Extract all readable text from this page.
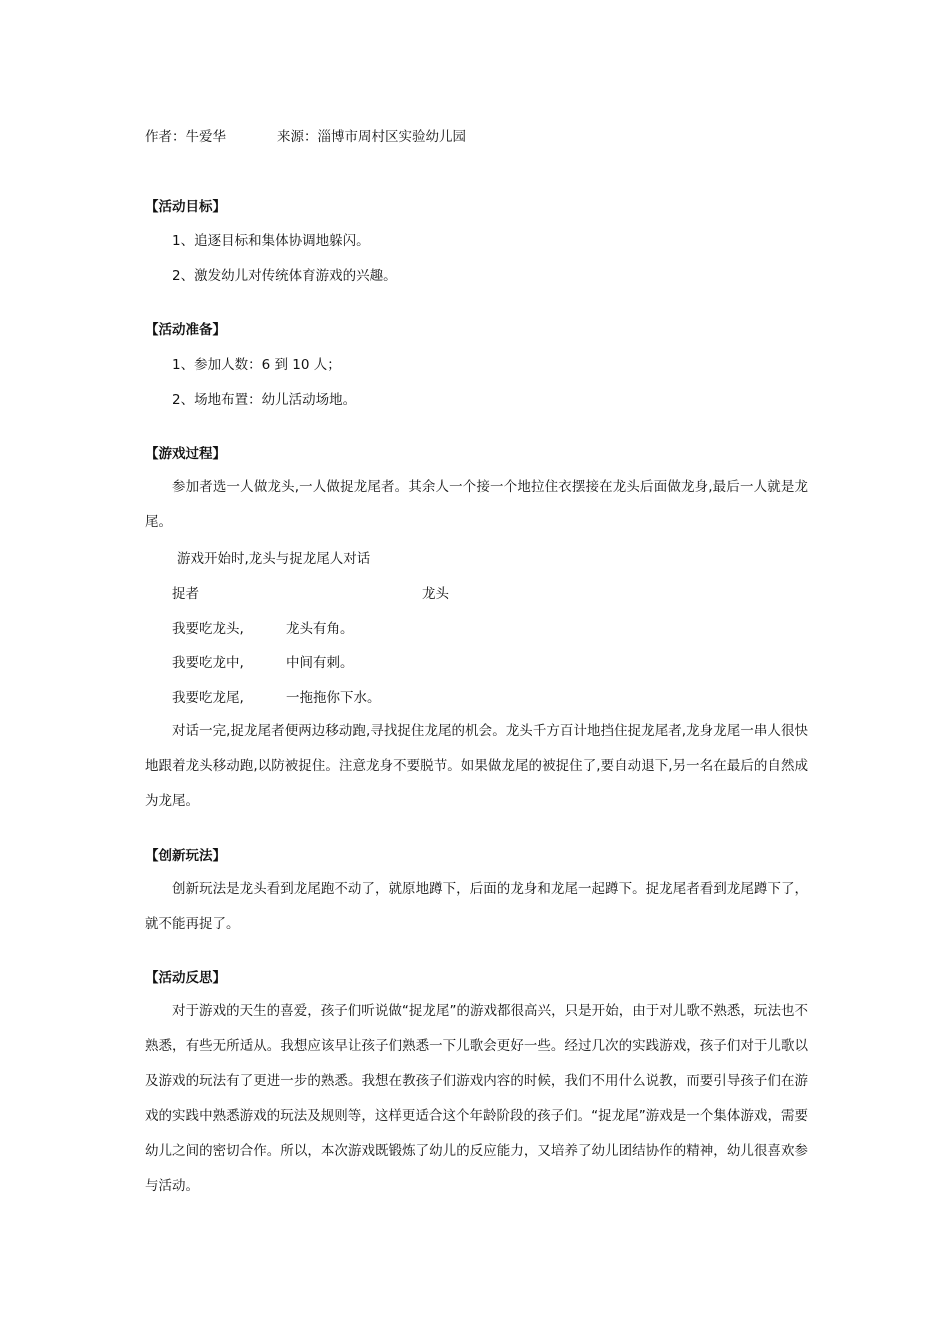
作者：牛爱华	来源：淄博市周村区实验幼儿园
【活动目标】
1、追逐目标和集体协调地躲闪。
2、激发幼儿对传统体育游戏的兴趣。
【活动准备】
1、参加人数：6 到 10 人；
2、场地布置：幼儿活动场地。
【游戏过程】
参加者选一人做龙头,一人做捉龙尾者。其余人一个接一个地拉住衣摆接在龙头后面做龙身,最后一人就是龙尾。
游戏开始时,龙头与捉龙尾人对话
捉者	龙头
我要吃龙头,	龙头有角。
我要吃龙中,	中间有刺。
我要吃龙尾,	一拖拖你下水。
对话一完,捉龙尾者便两边移动跑,寻找捉住龙尾的机会。龙头千方百计地挡住捉龙尾者,龙身龙尾一串人很快地跟着龙头移动跑,以防被捉住。注意龙身不要脱节。如果做龙尾的被捉住了,要自动退下,另一名在最后的自然成为龙尾。
【创新玩法】
创新玩法是龙头看到龙尾跑不动了，就原地蹲下，后面的龙身和龙尾一起蹲下。捉龙尾者看到龙尾蹲下了，就不能再捉了。
【活动反思】
对于游戏的天生的喜爱，孩子们听说做“捉龙尾”的游戏都很高兴，只是开始，由于对儿歌不熟悉，玩法也不熟悉，有些无所适从。我想应该早让孩子们熟悉一下儿歌会更好一些。经过几次的实践游戏，孩子们对于儿歌以及游戏的玩法有了更进一步的熟悉。我想在教孩子们游戏内容的时候，我们不用什么说教，而要引导孩子们在游戏的实践中熟悉游戏的玩法及规则等，这样更适合这个年龄阶段的孩子们。“捉龙尾”游戏是一个集体游戏，需要幼儿之间的密切合作。所以，本次游戏既锻炼了幼儿的反应能力，又培养了幼儿团结协作的精神，幼儿很喜欢参与活动。
